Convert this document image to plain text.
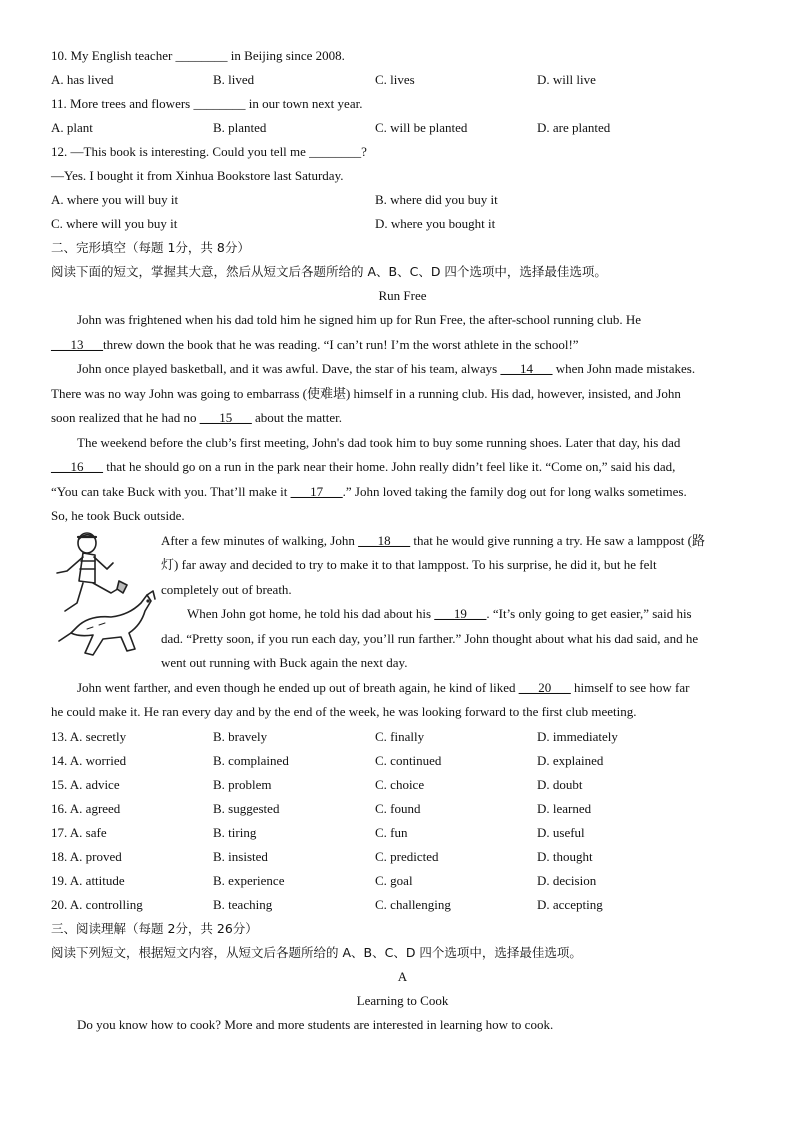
10. My English teacher ________ in Beijing since 2008.
A. has lived	B. lived	C. lives	D. will live
11. More trees and flowers ________ in our town next year.
A. plant	B. planted	C. will be planted	D. are planted
12. —This book is interesting. Could you tell me ________?
—Yes. I bought it from Xinhua Bookstore last Saturday.
A. where you will buy it	B. where did you buy it
C. where will you buy it	D. where you bought it
二、完形填空（每题 1分，共 8分）
阅读下面的短文，掌握其大意，然后从短文后各题所给的 A、B、C、D 四个选项中，选择最佳选项。
Run Free
John was frightened when his dad told him he signed him up for Run Free, the after-school running club. He
___13___threw down the book that he was reading. “I can’t run! I’m the worst athlete in the school!”
John once played basketball, and it was awful. Dave, the star of his team, always ___14___ when John made mistakes.
There was no way John was going to embarrass (使难堪) himself in a running club. His dad, however, insisted, and John
soon realized that he had no ___15___ about the matter.
The weekend before the club’s first meeting, John's dad took him to buy some running shoes. Later that day, his dad
___16___ that he should go on a run in the park near their home. John really didn’t feel like it. “Come on,” said his dad,
“You can take Buck with you. That’ll make it ___17___.” John loved taking the family dog out for long walks sometimes.
So, he took Buck outside.
After a few minutes of walking, John ___18___ that he would give running a try. He saw a lamppost (路
灯) far away and decided to try to make it to that lamppost. To his surprise, he did it, but he felt
completely out of breath.
When John got home, he told his dad about his ___19___. “It’s only going to get easier,” said his
dad. “Pretty soon, if you run each day, you’ll run farther.” John thought about what his dad said, and he
went out running with Buck again the next day.
John went farther, and even though he ended up out of breath again, he kind of liked ___20___ himself to see how far
he could make it. He ran every day and by the end of the week, he was looking forward to the first club meeting.
13. A. secretly	B. bravely	C. finally	D. immediately
14. A. worried	B. complained	C. continued	D. explained
15. A. advice	B. problem	C. choice	D. doubt
16. A. agreed	B. suggested	C. found	D. learned
17. A. safe	B. tiring	C. fun	D. useful
18. A. proved	B. insisted	C. predicted	D. thought
19. A. attitude	B. experience	C. goal	D. decision
20. A. controlling	B. teaching	C. challenging	D. accepting
三、阅读理解（每题 2分，共 26分）
阅读下列短文，根据短文内容，从短文后各题所给的 A、B、C、D 四个选项中，选择最佳选项。
A
Learning to Cook
Do you know how to cook? More and more students are interested in learning how to cook.
